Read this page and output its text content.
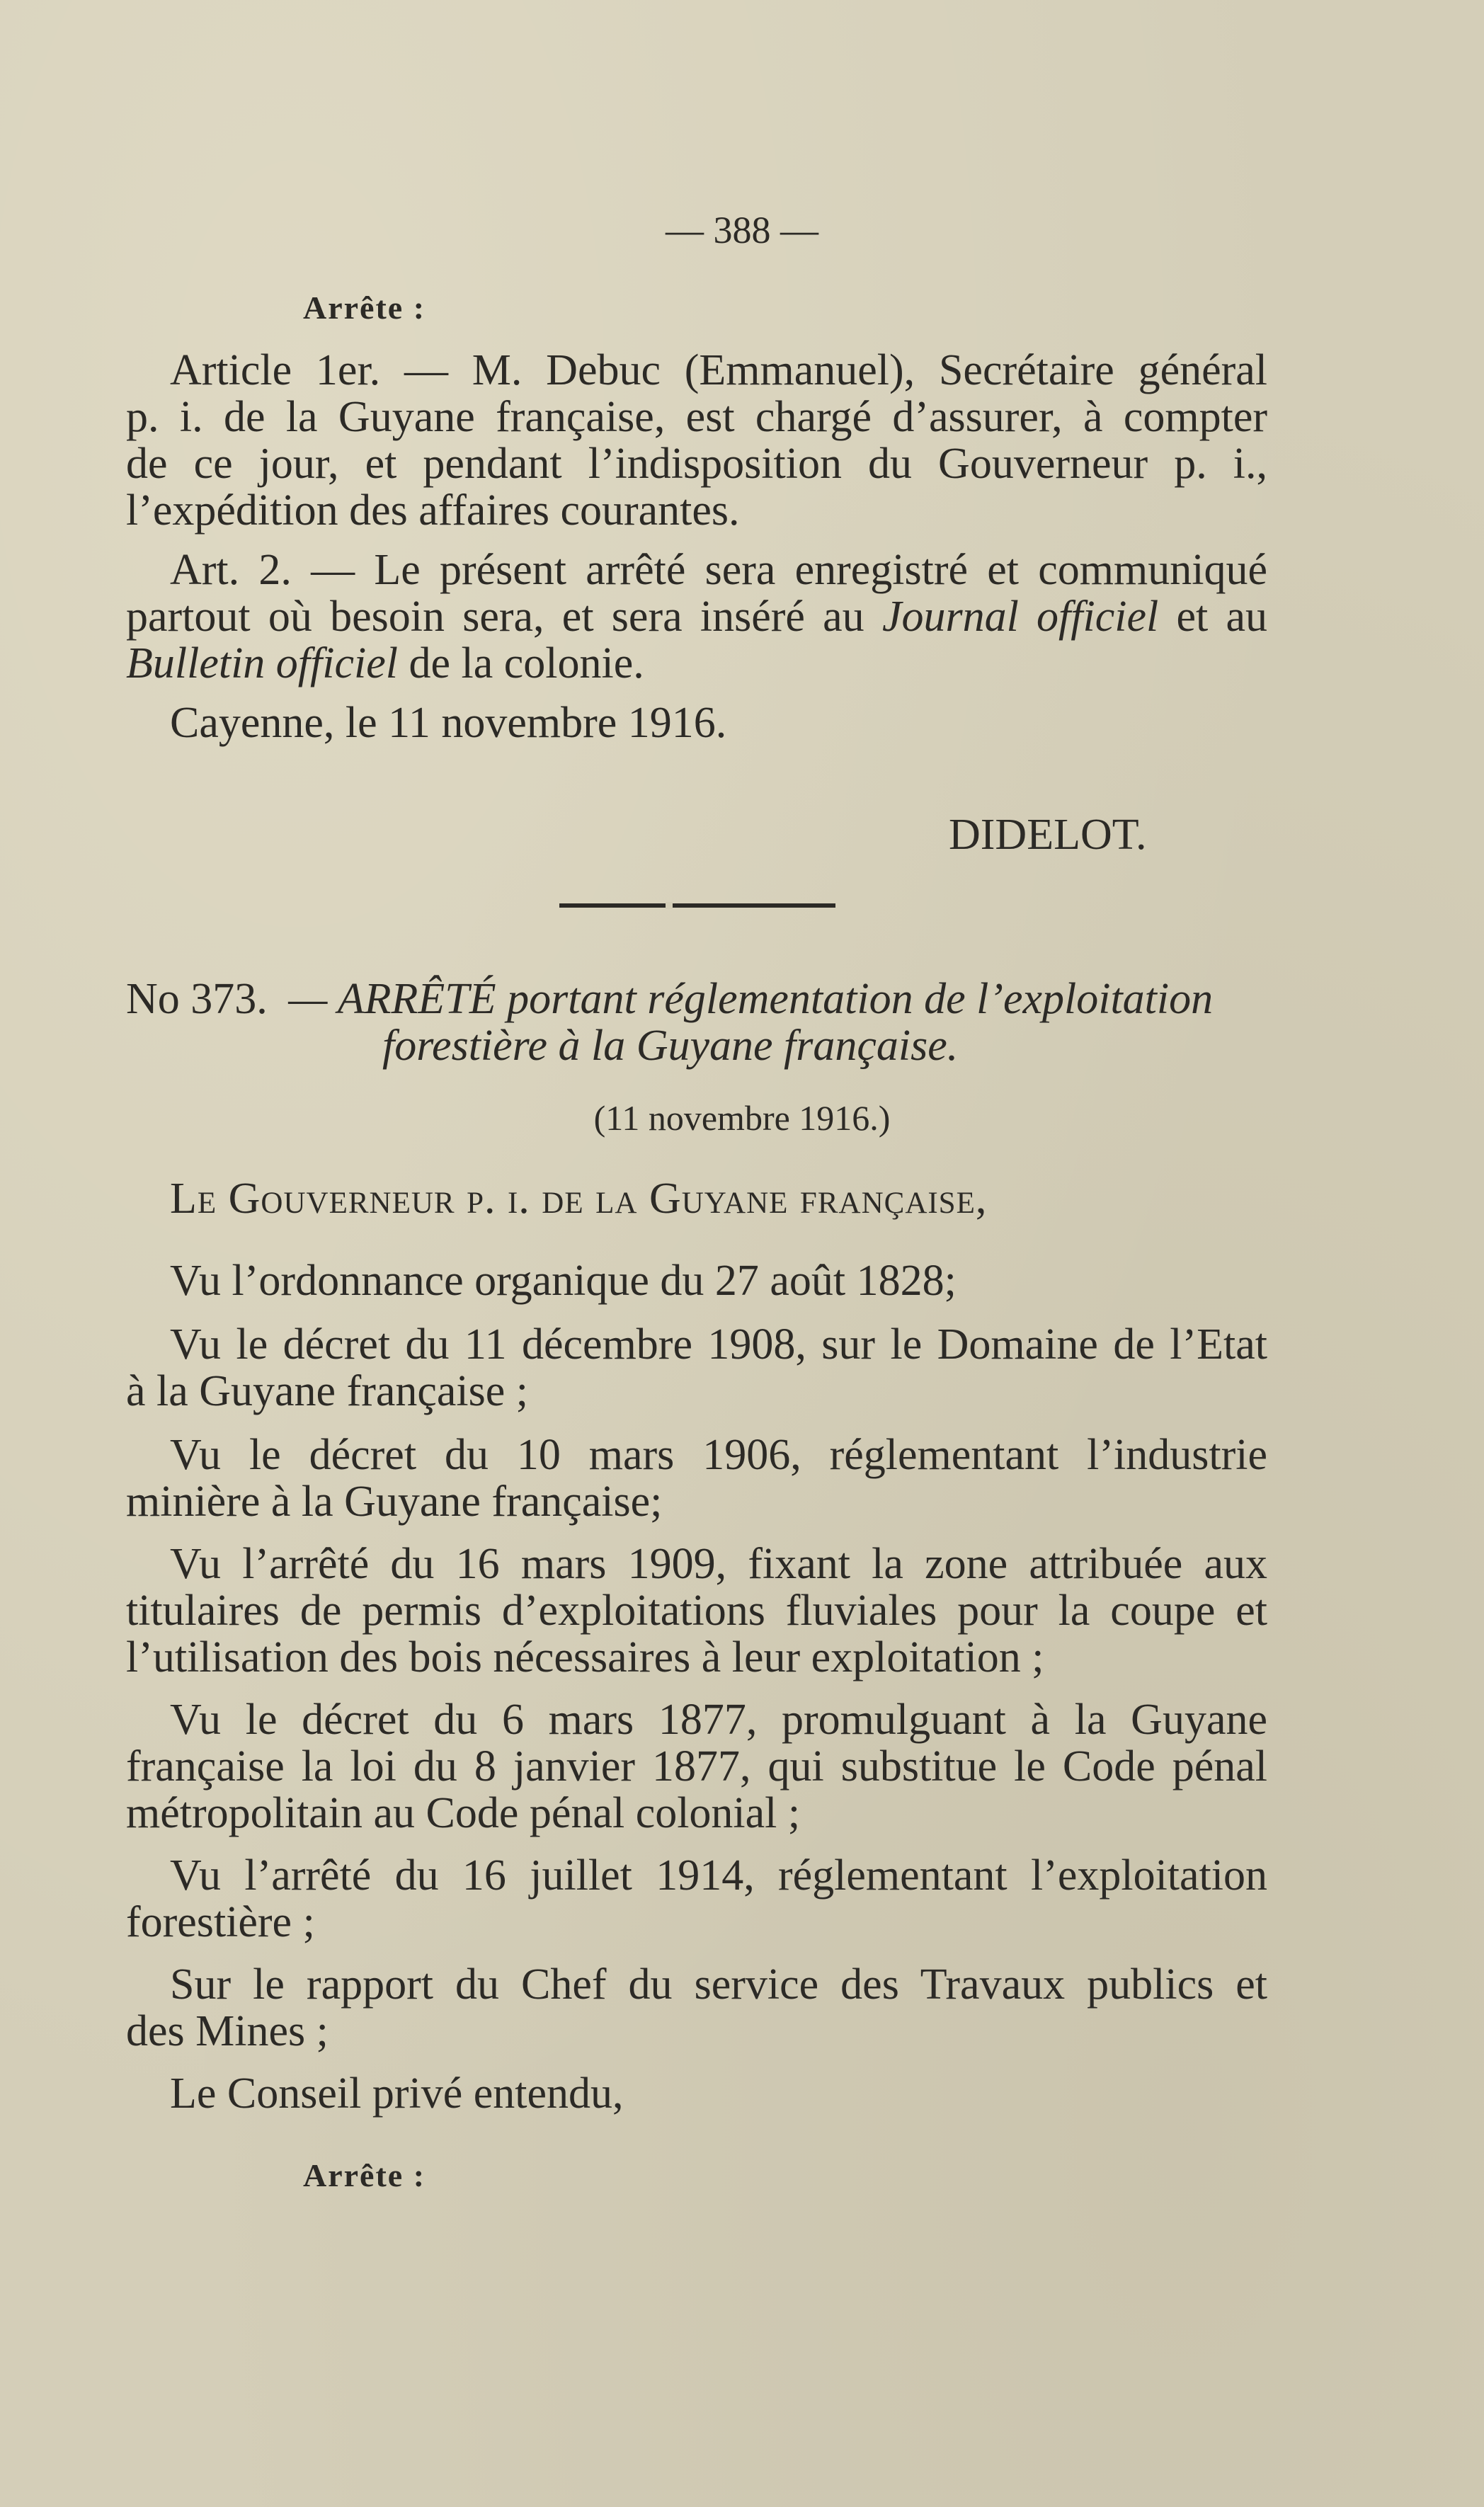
— 388 —
Arrête :
Article 1er. — M. Debuc (Emmanuel), Secrétaire général
p. i. de la Guyane française, est chargé d’assurer, à compter
de ce jour, et pendant l’indisposition du Gouverneur p. i.,
l’expédition des affaires courantes.
Art. 2. — Le présent arrêté sera enregistré et communiqué
partout où besoin sera, et sera inséré au Journal officiel et au
Bulletin officiel de la colonie.
Cayenne, le 11 novembre 1916.
DIDELOT.
No 373. — ARRÊTÉ portant réglementation de l’exploitation
forestière à la Guyane française.
(11 novembre 1916.)
Le Gouverneur p. i. de la Guyane française,
Vu l’ordonnance organique du 27 août 1828;
Vu le décret du 11 décembre 1908, sur le Domaine de l’Etat
à la Guyane française ;
Vu le décret du 10 mars 1906, réglementant l’industrie
minière à la Guyane française;
Vu l’arrêté du 16 mars 1909, fixant la zone attribuée aux
titulaires de permis d’exploitations fluviales pour la coupe et
l’utilisation des bois nécessaires à leur exploitation ;
Vu le décret du 6 mars 1877, promulguant à la Guyane
française la loi du 8 janvier 1877, qui substitue le Code pénal
métropolitain au Code pénal colonial ;
Vu l’arrêté du 16 juillet 1914, réglementant l’exploitation
forestière ;
Sur le rapport du Chef du service des Travaux publics et
des Mines ;
Le Conseil privé entendu,
Arrête :
